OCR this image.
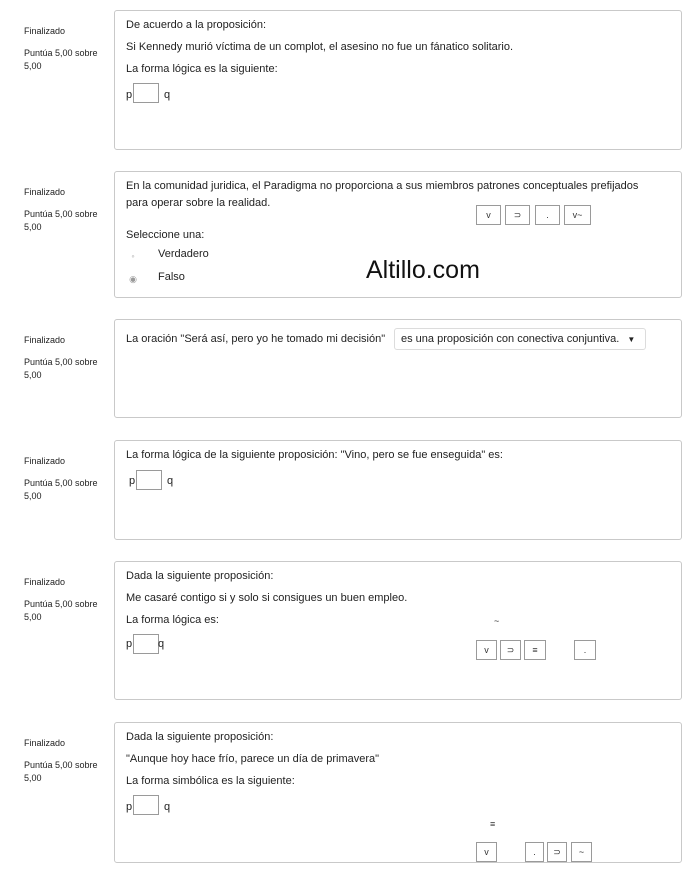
Finalizado
Puntúa 5,00 sobre
5,00
De acuerdo a la proposición:
Si Kennedy murió víctima de un complot, el asesino no fue un fánatico solitario.
La forma lógica es la siguiente:
p	q
Finalizado
Puntúa 5,00 sobre
5,00
En la comunidad juridica, el Paradigma no proporciona a sus miembros patrones conceptuales prefijados
para operar sobre la realidad.
v	⊃	.	v~
Seleccione una:
◦ Verdadero
◉ Falso	Altillo.com
Finalizado
Puntúa 5,00 sobre
5,00
La oración "Será así, pero yo he tomado mi decisión" es una proposición con conectiva conjuntiva. ▼
Finalizado
Puntúa 5,00 sobre
5,00
La forma lógica de la siguiente proposición: "Vino, pero se fue enseguida" es:
p	q
Finalizado
Puntúa 5,00 sobre
5,00
Dada la siguiente proposición:
Me casaré contigo si y solo si consigues un buen empleo.
La forma lógica es:	~
p q	v	⊃	≡	.
Finalizado
Puntúa 5,00 sobre
5,00
Dada la siguiente proposición:
"Aunque hoy hace frío, parece un día de primavera"
La forma simbólica es la siguiente:
p	q
≡
v	.	⊃	~
